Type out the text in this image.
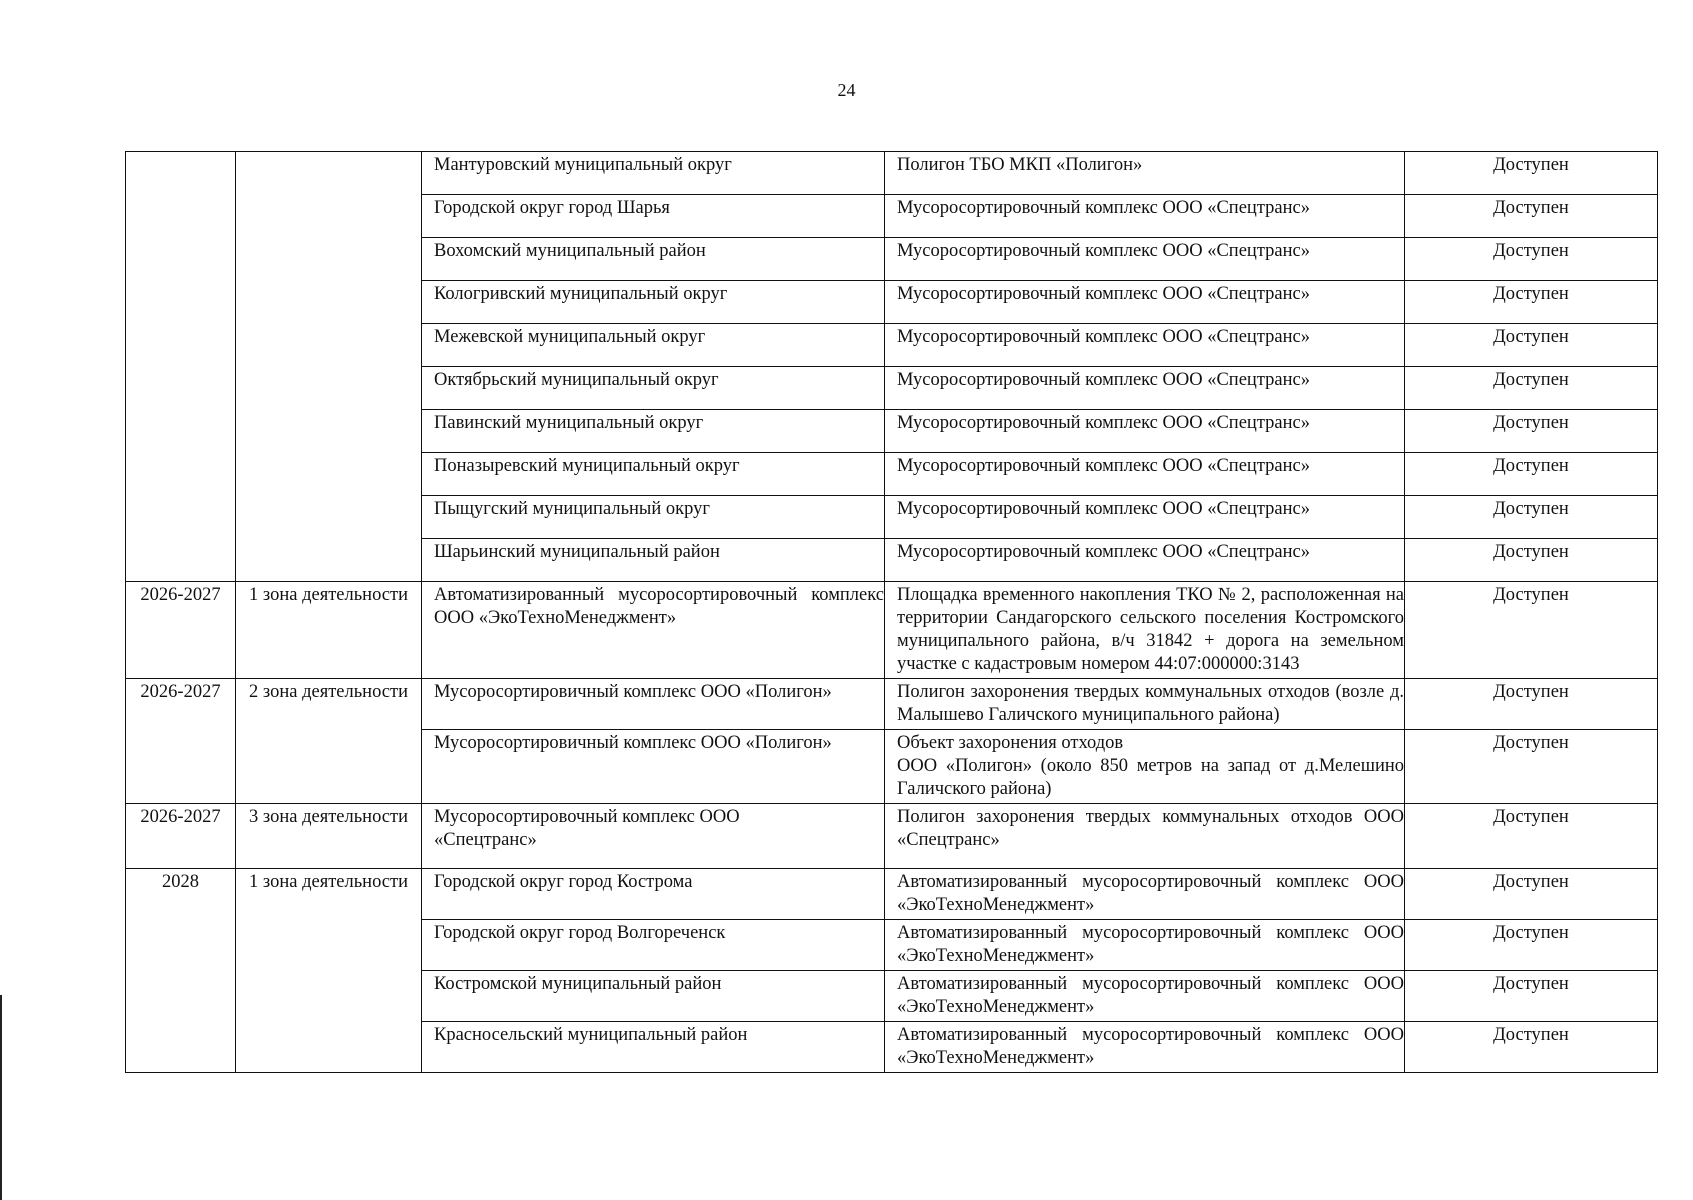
24
		Мантуровский муниципальный округ	Полигон ТБО МКП «Полигон»	Доступен
		Городской округ город Шарья	Мусоросортировочный комплекс ООО «Спецтранс»	Доступен
		Вохомский муниципальный район	Мусоросортировочный комплекс ООО «Спецтранс»	Доступен
		Кологривский муниципальный округ	Мусоросортировочный комплекс ООО «Спецтранс»	Доступен
		Межевской муниципальный округ	Мусоросортировочный комплекс ООО «Спецтранс»	Доступен
		Октябрьский муниципальный округ	Мусоросортировочный комплекс ООО «Спецтранс»	Доступен
		Павинский муниципальный округ	Мусоросортировочный комплекс ООО «Спецтранс»	Доступен
		Поназыревский муниципальный округ	Мусоросортировочный комплекс ООО «Спецтранс»	Доступен
		Пыщугский муниципальный округ	Мусоросортировочный комплекс ООО «Спецтранс»	Доступен
		Шарьинский муниципальный район	Мусоросортировочный комплекс ООО «Спецтранс»	Доступен
2026-2027	1 зона деятельности	Автоматизированный мусоросортировочный комплекс ООО «ЭкоТехноМенеджмент»	Площадка временного накопления ТКО № 2, расположенная на территории Сандагорского сельского поселения Костромского муниципального района, в/ч 31842 + дорога на земельном участке с кадастровым номером 44:07:000000:3143	Доступен
2026-2027	2 зона деятельности	Мусоросортировичный комплекс ООО «Полигон»	Полигон захоронения твердых коммунальных отходов (возле д. Малышево Галичского муниципального района)	Доступен
		Мусоросортировичный комплекс ООО «Полигон»	Объект захоронения отходов
ООО «Полигон» (около 850 метров на запад от д.Мелешино Галичского района)	Доступен
2026-2027	3 зона деятельности	Мусоросортировочный комплекс ООО
«Спецтранс»	Полигон захоронения твердых коммунальных отходов ООО «Спецтранс»	Доступен
2028	1 зона деятельности	Городской округ город Кострома	Автоматизированный мусоросортировочный комплекс ООО «ЭкоТехноМенеджмент»	Доступен
		Городской округ город Волгореченск	Автоматизированный мусоросортировочный комплекс ООО «ЭкоТехноМенеджмент»	Доступен
		Костромской муниципальный район	Автоматизированный мусоросортировочный комплекс ООО «ЭкоТехноМенеджмент»	Доступен
		Красносельский муниципальный район	Автоматизированный мусоросортировочный комплекс ООО «ЭкоТехноМенеджмент»	Доступен
